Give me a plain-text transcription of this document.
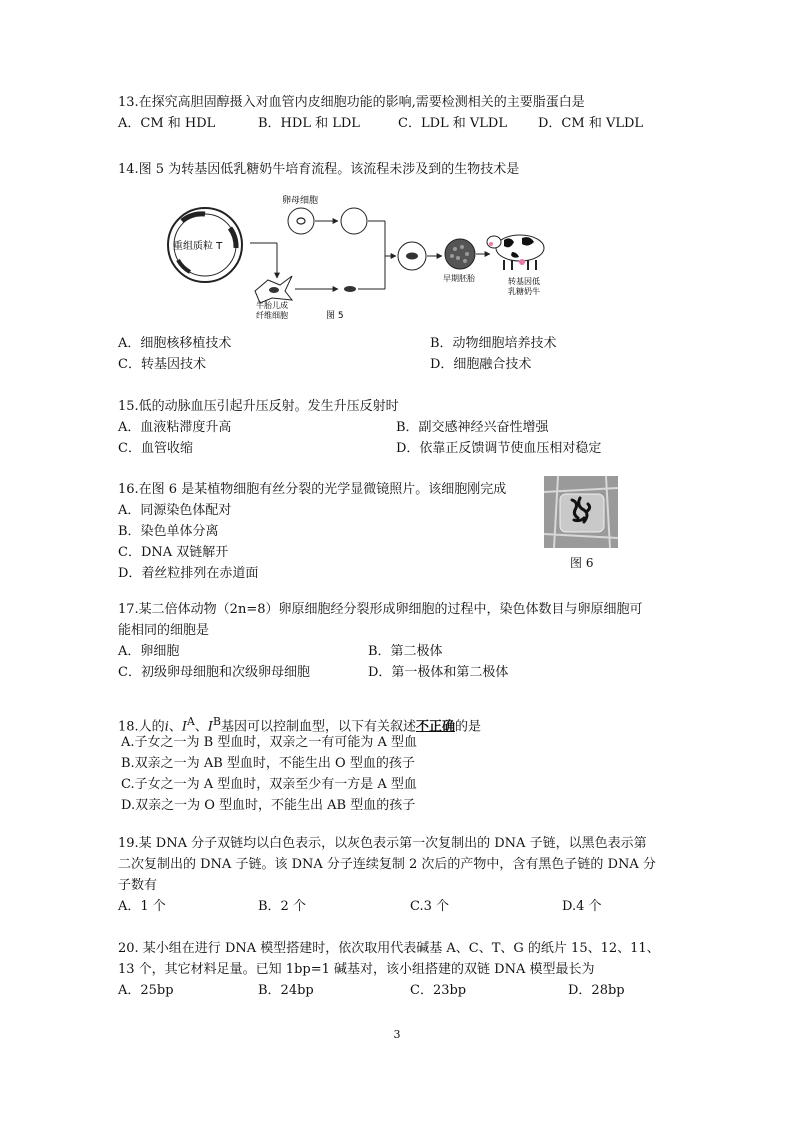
13.在探究高胆固醇摄入对血管内皮细胞功能的影响,需要检测相关的主要脂蛋白是
A．CM 和 HDL	B．HDL 和 LDL	C．LDL 和 VLDL D．CM 和 VLDL
14.图 5 为转基因低乳糖奶牛培育流程。该流程未涉及到的生物技术是
重组质粒 T
卵母细胞
牛胎儿成
纤维细胞	图 5
早期胚胎	转基因低
乳糖奶牛
A．细胞核移植技术	B．动物细胞培养技术
C．转基因技术	D．细胞融合技术
15.低的动脉血压引起升压反射。发生升压反射时
A．血液粘滞度升高	B．副交感神经兴奋性增强
C．血管收缩	D．依靠正反馈调节使血压相对稳定
16.在图 6 是某植物细胞有丝分裂的光学显微镜照片。该细胞刚完成
A．同源染色体配对
B．染色单体分离
C．DNA 双链解开
D．着丝粒排列在赤道面
图 6
17.某二倍体动物（2n=8）卵原细胞经分裂形成卵细胞的过程中，染色体数目与卵原细胞可
能相同的细胞是
A．卵细胞	B．第二极体
C．初级卵母细胞和次级卵母细胞	D．第一极体和第二极体
18.人的i、$I^A$、$I^B$基因可以控制血型，以下有关叙述不正确的是
A.子女之一为 B 型血时，双亲之一有可能为 A 型血
B.双亲之一为 AB 型血时，不能生出 O 型血的孩子
C.子女之一为 A 型血时，双亲至少有一方是 A 型血
D.双亲之一为 O 型血时，不能生出 AB 型血的孩子
19.某 DNA 分子双链均以白色表示，以灰色表示第一次复制出的 DNA 子链，以黑色表示第
二次复制出的 DNA 子链。该 DNA 分子连续复制 2 次后的产物中，含有黑色子链的 DNA 分
子数有
A．1 个	B．2 个	C.3 个	D.4 个
20. 某小组在进行 DNA 模型搭建时，依次取用代表碱基 A、C、T、G 的纸片 15、12、11、
13 个，其它材料足量。已知 1bp=1 碱基对，该小组搭建的双链 DNA 模型最长为
A．25bp	B．24bp	C．23bp	D．28bp
3
